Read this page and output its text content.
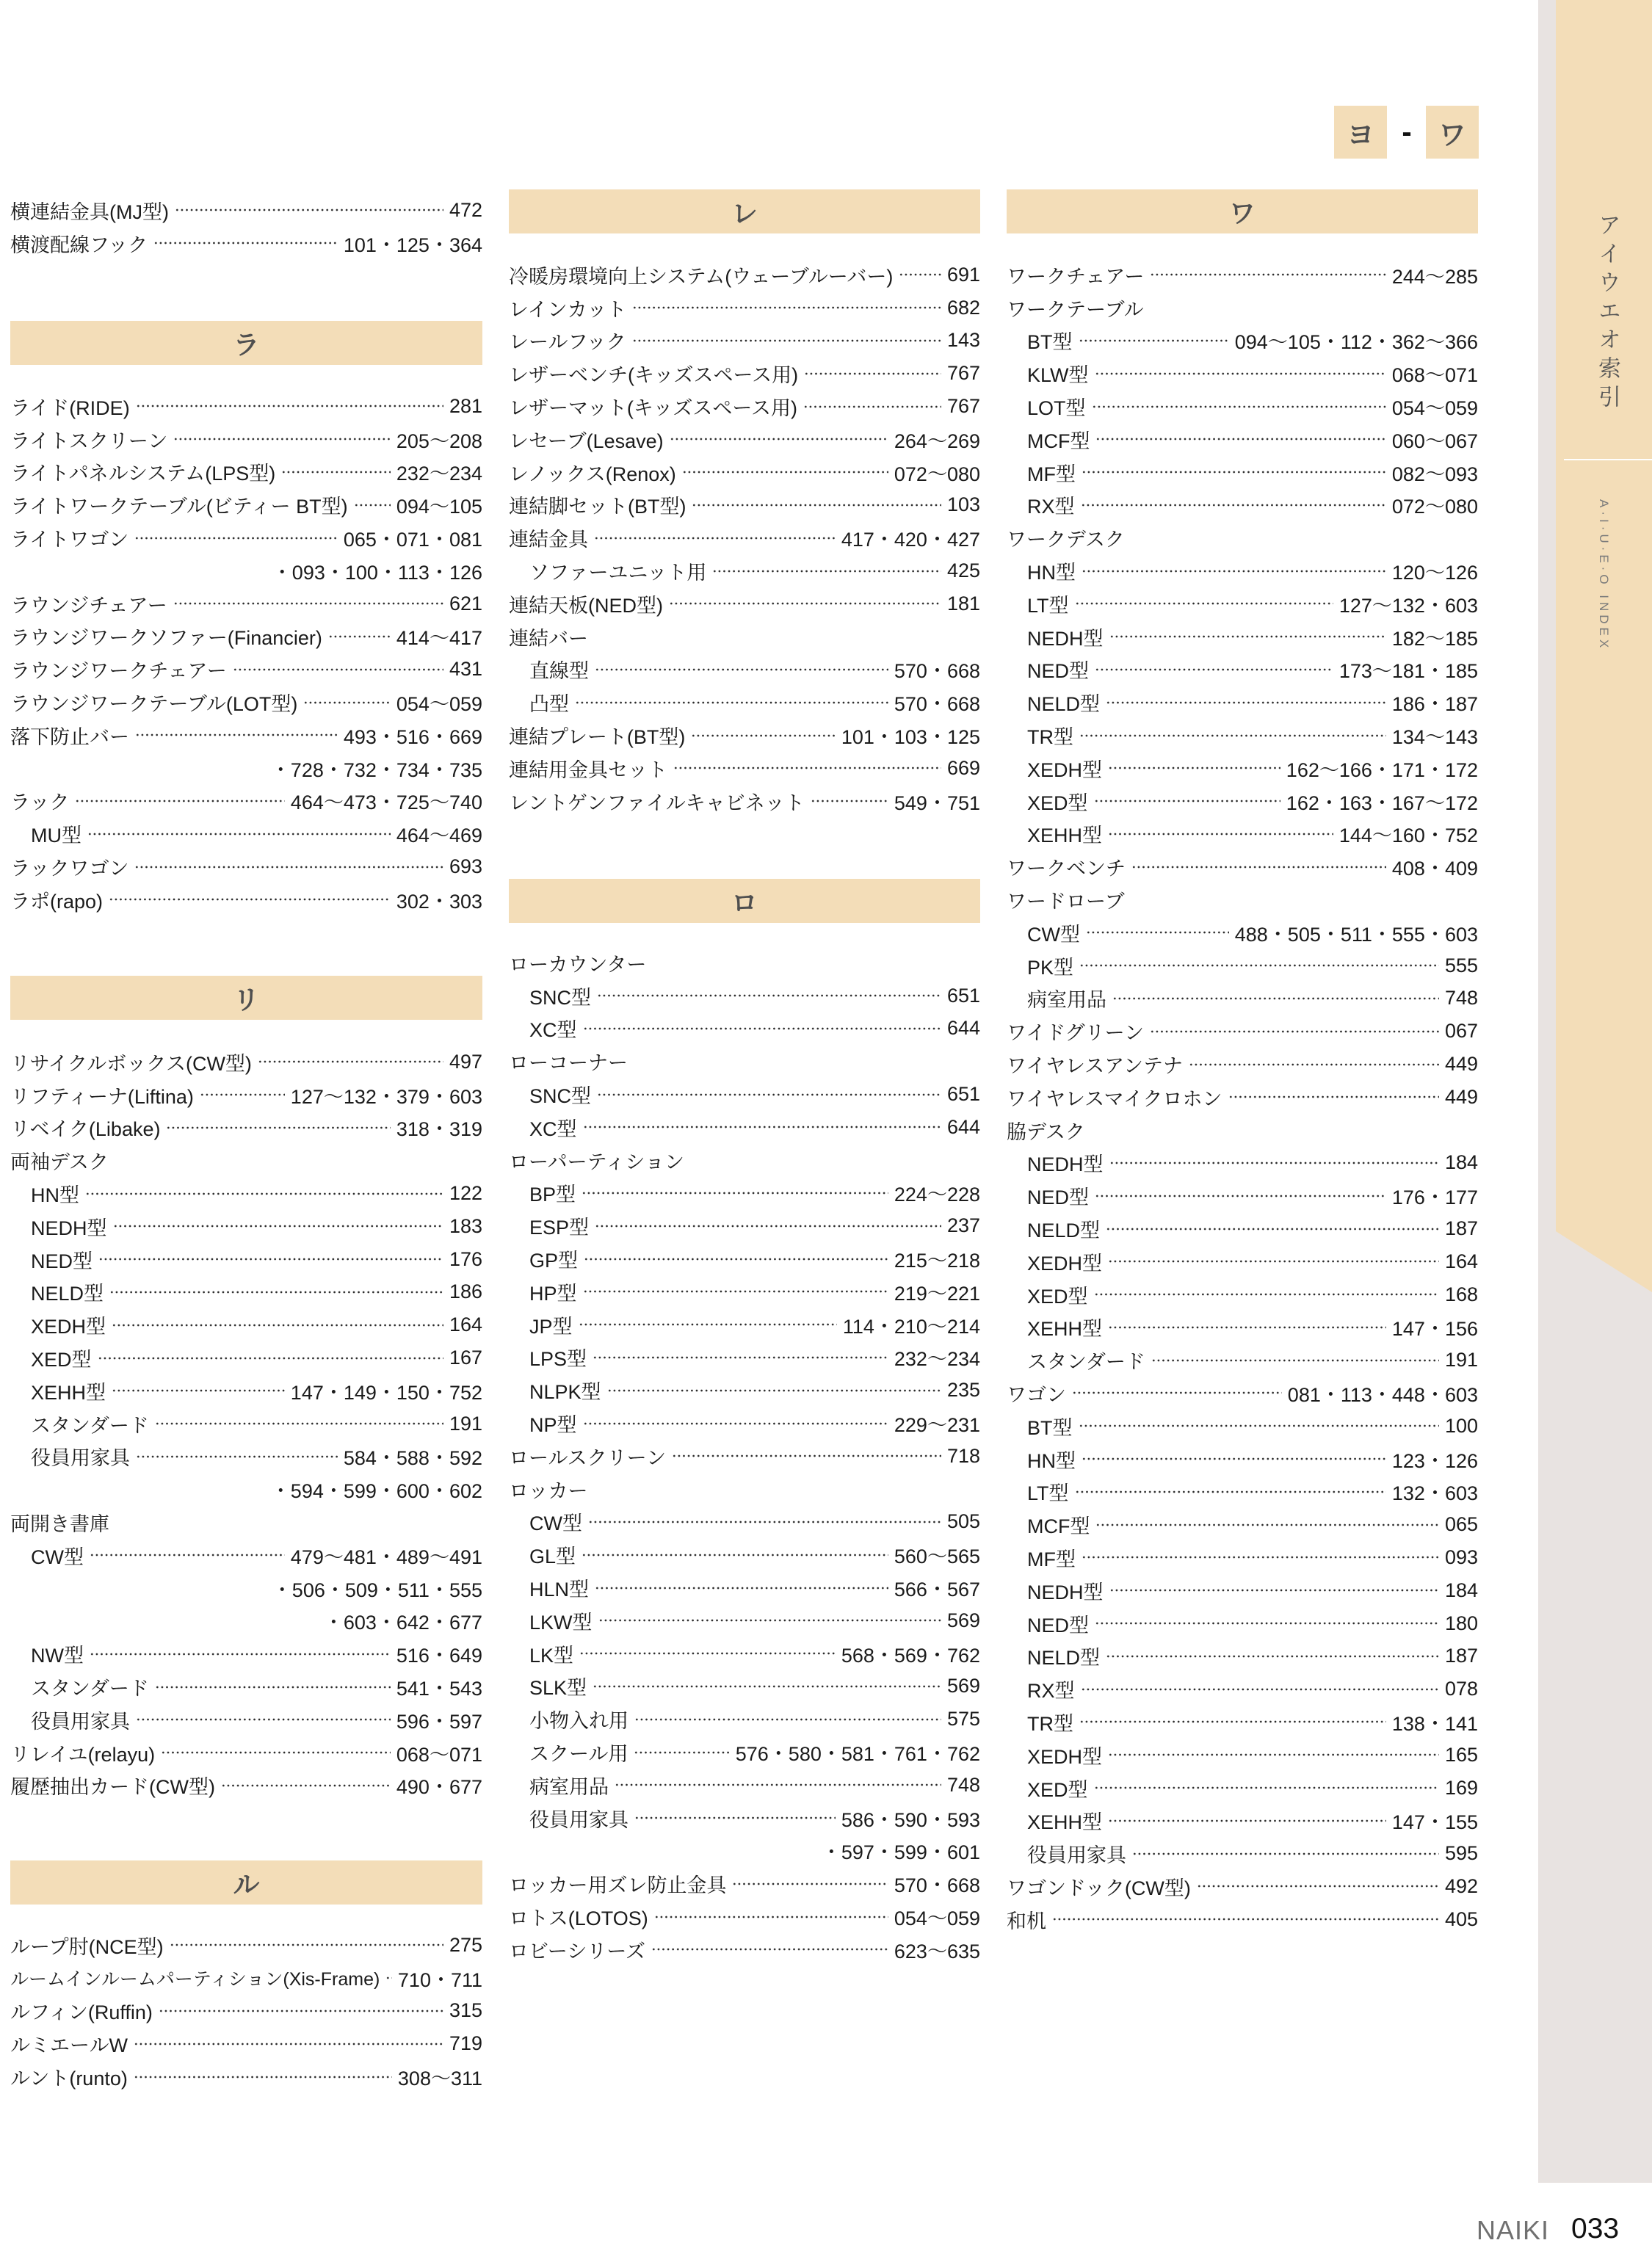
アイウエオ索引
A·I·U·E·O INDEX
ヨ - ワ
横連結金具(MJ型)	472
横渡配線フック	101・125・364
ラ
ライド(RIDE)	281
ライトスクリーン	205～208
ライトパネルシステム(LPS型)	232～234
ライトワークテーブル(ビティー BT型) 094～105
ライトワゴン	065・071・081
・093・100・113・126
ラウンジチェアー	621
ラウンジワークソファー(Financier)	414～417
ラウンジワークチェアー	431
ラウンジワークテーブル(LOT型)	054～059
落下防止バー	493・516・669
・728・732・734・735
ラック	464～473・725～740
MU型	464～469
ラックワゴン	693
ラポ(rapo)	302・303
リ
リサイクルボックス(CW型)	497
リフティーナ(Liftina)	127～132・379・603
リベイク(Libake)	318・319
両袖デスク
HN型	122
NEDH型	183
NED型	176
NELD型	186
XEDH型	164
XED型	167
XEHH型	147・149・150・752
スタンダード	191
役員用家具	584・588・592
・594・599・600・602
両開き書庫
CW型	479～481・489～491
・506・509・511・555
・603・642・677
NW型	516・649
スタンダード	541・543
役員用家具	596・597
リレイユ(relayu)	068～071
履歴抽出カード(CW型)	490・677
ル
ループ肘(NCE型)	275
ルームインルームパーティション(Xis-Frame) 710・711
ルフィン(Ruffin)	315
ルミエールW	719
ルント(runto)	308～311
レ
冷暖房環境向上システム(ウェーブルーバー)	691
レインカット	682
レールフック	143
レザーベンチ(キッズスペース用)	767
レザーマット(キッズスペース用)	767
レセーブ(Lesave)	264～269
レノックス(Renox)	072～080
連結脚セット(BT型)	103
連結金具	417・420・427
ソファーユニット用	425
連結天板(NED型)	181
連結バー
直線型	570・668
凸型	570・668
連結プレート(BT型)	101・103・125
連結用金具セット	669
レントゲンファイルキャビネット	549・751
ロ
ローカウンター
SNC型	651
XC型	644
ローコーナー
SNC型	651
XC型	644
ローパーティション
BP型	224～228
ESP型	237
GP型	215～218
HP型	219～221
JP型	114・210～214
LPS型	232～234
NLPK型	235
NP型	229～231
ロールスクリーン	718
ロッカー
CW型	505
GL型	560～565
HLN型	566・567
LKW型	569
LK型	568・569・762
SLK型	569
小物入れ用	575
スクール用	576・580・581・761・762
病室用品	748
役員用家具	586・590・593
・597・599・601
ロッカー用ズレ防止金具	570・668
ロトス(LOTOS)	054～059
ロビーシリーズ	623～635
ワ
ワークチェアー	244～285
ワークテーブル
BT型	094～105・112・362～366
KLW型	068～071
LOT型	054～059
MCF型	060～067
MF型	082～093
RX型	072～080
ワークデスク
HN型	120～126
LT型	127～132・603
NEDH型	182～185
NED型	173～181・185
NELD型	186・187
TR型	134～143
XEDH型	162～166・171・172
XED型	162・163・167～172
XEHH型	144～160・752
ワークベンチ	408・409
ワードローブ
CW型	488・505・511・555・603
PK型	555
病室用品	748
ワイドグリーン	067
ワイヤレスアンテナ	449
ワイヤレスマイクロホン	449
脇デスク
NEDH型	184
NED型	176・177
NELD型	187
XEDH型	164
XED型	168
XEHH型	147・156
スタンダード	191
ワゴン	081・113・448・603
BT型	100
HN型	123・126
LT型	132・603
MCF型	065
MF型	093
NEDH型	184
NED型	180
NELD型	187
RX型	078
TR型	138・141
XEDH型	165
XED型	169
XEHH型	147・155
役員用家具	595
ワゴンドック(CW型)	492
和机	405
NAIKI 033
